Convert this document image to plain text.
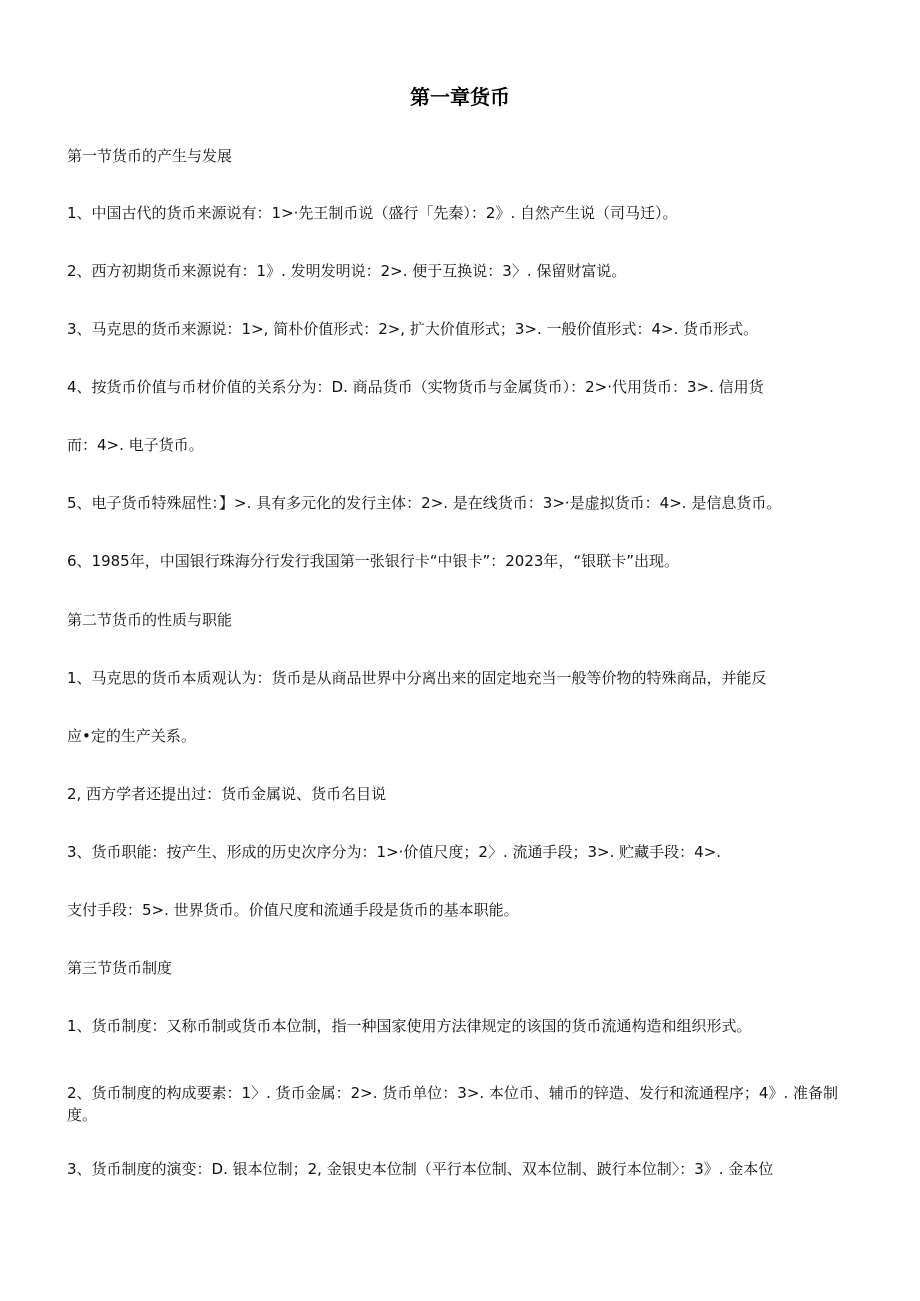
第一章货币
第一节货币的产生与发展
1、中国古代的货币来源说有：1>·先王制币说（盛行「先秦）：2》. 自然产生说（司马迁）。
2、西方初期货币来源说有：1》. 发明发明说：2>. 便于互换说：3〉. 保留财富说。
3、马克思的货币来源说：1>, 简朴价值形式：2>, 扩大价值形式；3>. 一般价值形式：4>. 货币形式。
4、按货币价值与币材价值的关系分为：D. 商品货币（实物货币与金属货币）：2>·代用货币：3>. 信用货
而：4>. 电子货币。
5、电子货币特殊屈性：】>. 具有多元化的发行主体：2>. 是在线货币：3>·是虚拟货币：4>. 是信息货币。
6、1985年，中国银行珠海分行发行我国第一张银行卡“中银卡”：2023年，“银联卡”出现。
第二节货币的性质与职能
1、马克思的货币本质观认为：货币是从商品世界中分离出来的固定地充当一般等价物的特殊商品，并能反
应•定的生产关系。
2, 西方学者还提出过：货币金属说、货币名目说
3、货币职能：按产生、形成的历史次序分为：1>·价值尺度；2〉. 流通手段；3>. 贮藏手段：4>.
支付手段：5>. 世界货币。价值尺度和流通手段是货币的基本职能。
第三节货币制度
1、货币制度：又称币制或货币本位制，指一种国家使用方法律规定的该国的货币流通构造和组织形式。
2、货币制度的构成要素：1〉. 货币金属：2>. 货币单位：3>. 本位币、辅币的锌造、发行和流通程序；4》. 准备制度。
3、货币制度的演变：D. 银本位制；2, 金银史本位制（平行本位制、双本位制、跛行本位制〉：3》. 金本位
